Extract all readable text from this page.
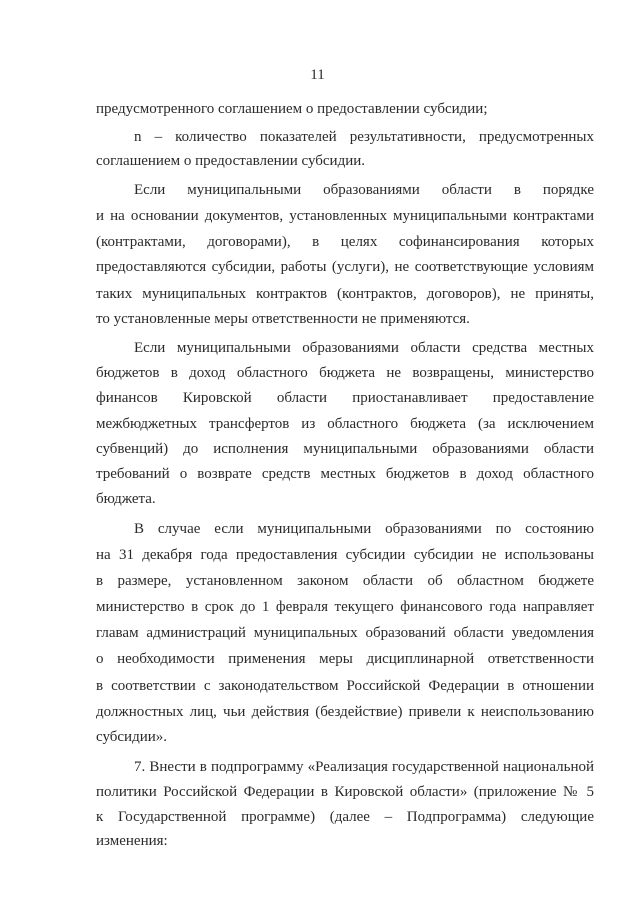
11
предусмотренного соглашением о предоставлении субсидии;
n – количество показателей результативности, предусмотренных
соглашением о предоставлении субсидии.
Если муниципальными образованиями области в порядке
и на основании документов, установленных муниципальными контрактами
(контрактами, договорами), в целях софинансирования которых
предоставляются субсидии, работы (услуги), не соответствующие условиям
таких муниципальных контрактов (контрактов, договоров), не приняты,
то установленные меры ответственности не применяются.
Если муниципальными образованиями области средства местных
бюджетов в доход областного бюджета не возвращены, министерство
финансов Кировской области приостанавливает предоставление
межбюджетных трансфертов из областного бюджета (за исключением
субвенций) до исполнения муниципальными образованиями области
требований о возврате средств местных бюджетов в доход областного
бюджета.
В случае если муниципальными образованиями по состоянию
на 31 декабря года предоставления субсидии субсидии не использованы
в размере, установленном законом области об областном бюджете
министерство в срок до 1 февраля текущего финансового года направляет
главам администраций муниципальных образований области уведомления
о необходимости применения меры дисциплинарной ответственности
в соответствии с законодательством Российской Федерации в отношении
должностных лиц, чьи действия (бездействие) привели к неиспользованию
субсидии».
7. Внести в подпрограмму «Реализация государственной национальной
политики Российской Федерации в Кировской области» (приложение № 5
к Государственной программе) (далее – Подпрограмма) следующие
изменения:
